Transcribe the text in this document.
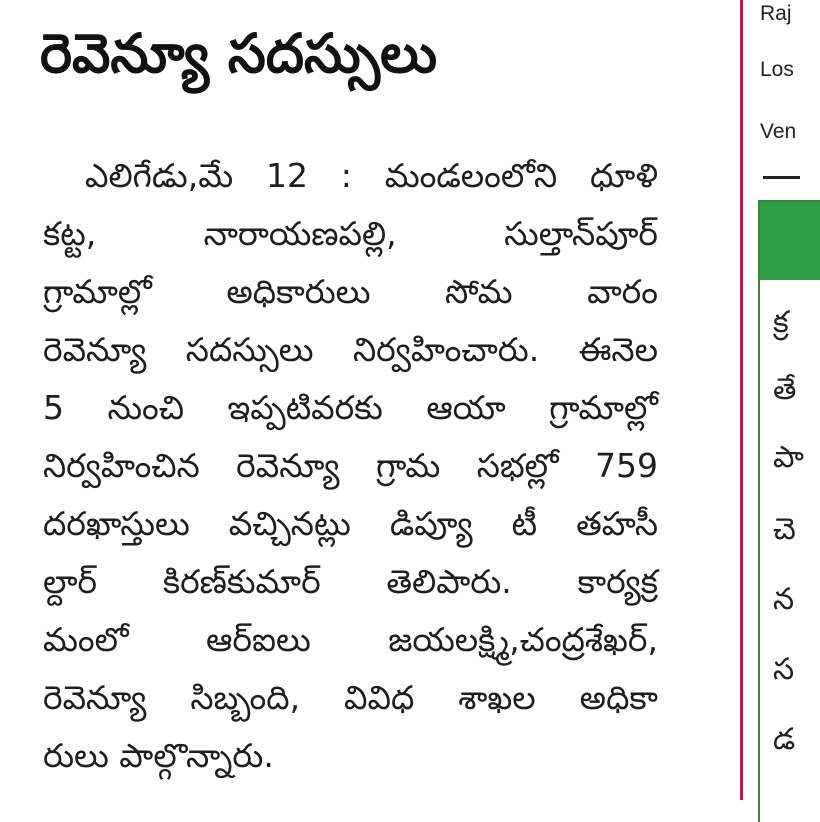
రెవెన్యూ సదస్సులు
ఎలిగేడు,మే 12 : మండలంలోని ధూళి
కట్ట, నారాయణపల్లి, సుల్తాన్‌పూర్
గ్రామాల్లో అధికారులు సోమ వారం
రెవెన్యూ సదస్సులు నిర్వహించారు. ఈనెల
5 నుంచి ఇప్పటివరకు ఆయా గ్రామాల్లో
నిర్వహించిన రెవెన్యూ గ్రామ సభల్లో 759
దరఖాస్తులు వచ్చినట్లు డిప్యూ టీ తహసీ
ల్దార్ కిరణ్‌కుమార్ తెలిపారు. కార్యక్ర
మంలో ఆర్ఐలు జయలక్ష్మి,చంద్రశేఖర్,
రెవెన్యూ సిబ్బంది, వివిధ శాఖల అధికా
రులు పాల్గొన్నారు.
Raj
Los
Ven
క్ర
తే
పా
చె
న
స
డ
